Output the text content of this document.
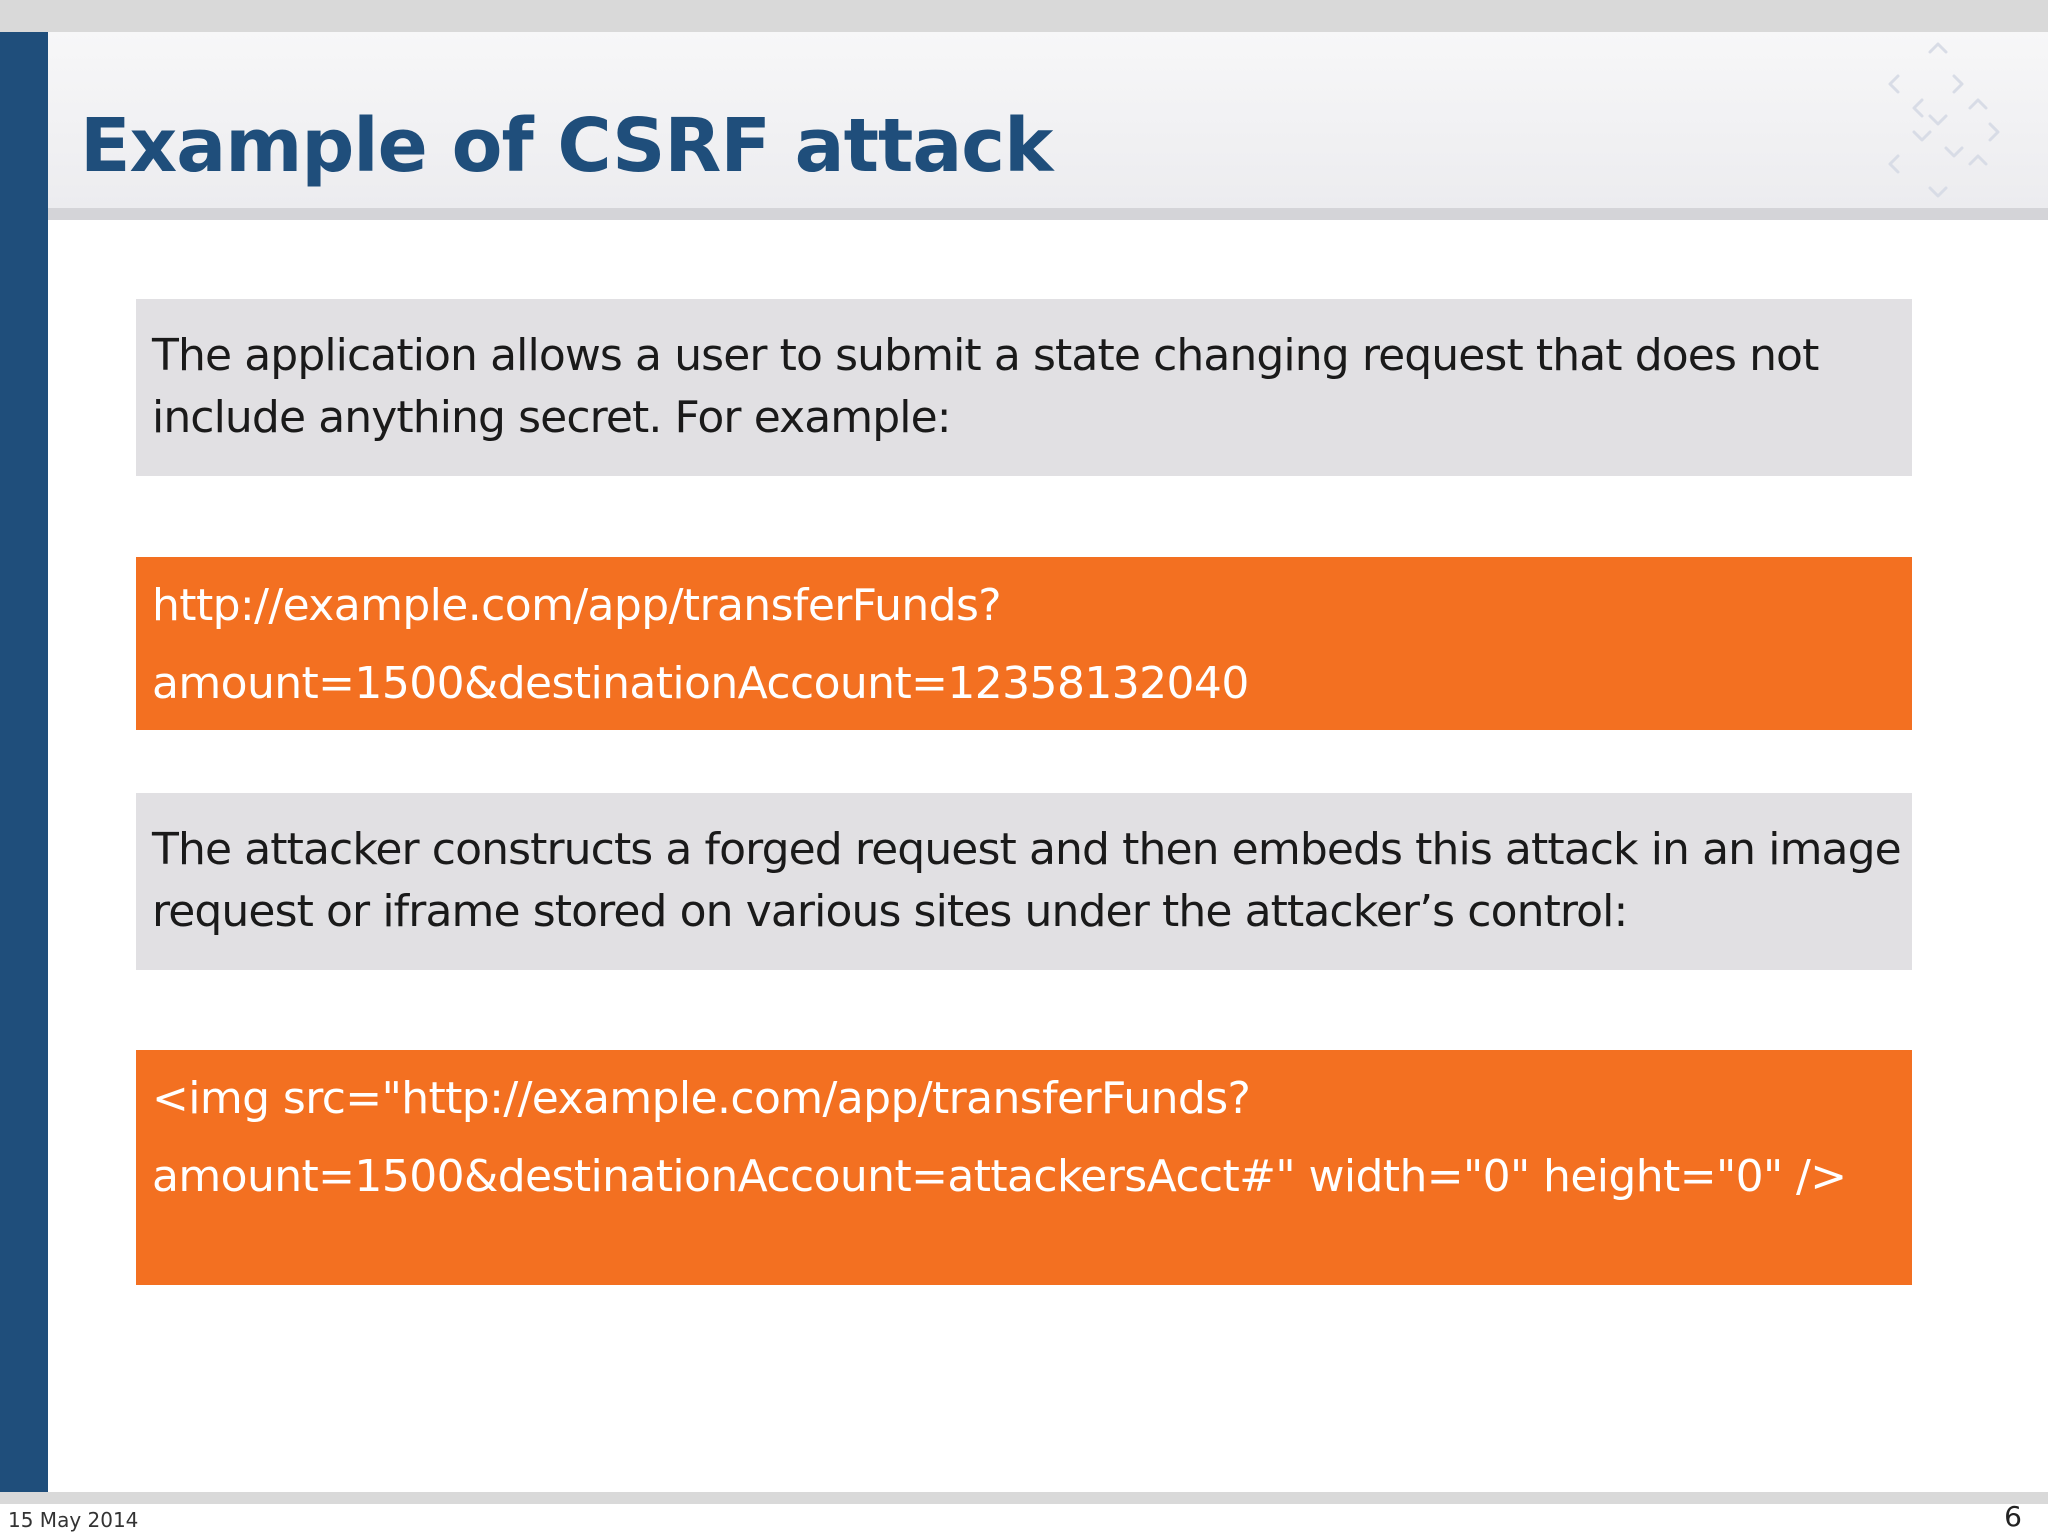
Example of CSRF attack

The application allows a user to submit a state changing request that does not

include anything secret. For example:

http://example.com/app/transferFunds?

amount=1500&destinationAccount=12358132040

The attacker constructs a forged request and then embeds this attack in an image

request or iframe stored on various sites under the attacker’s control:

<img src="http://example.com/app/transferFunds?

amount=1500&destinationAccount=attackersAcct#" width="0" height="0" />

15 May 2014	6
